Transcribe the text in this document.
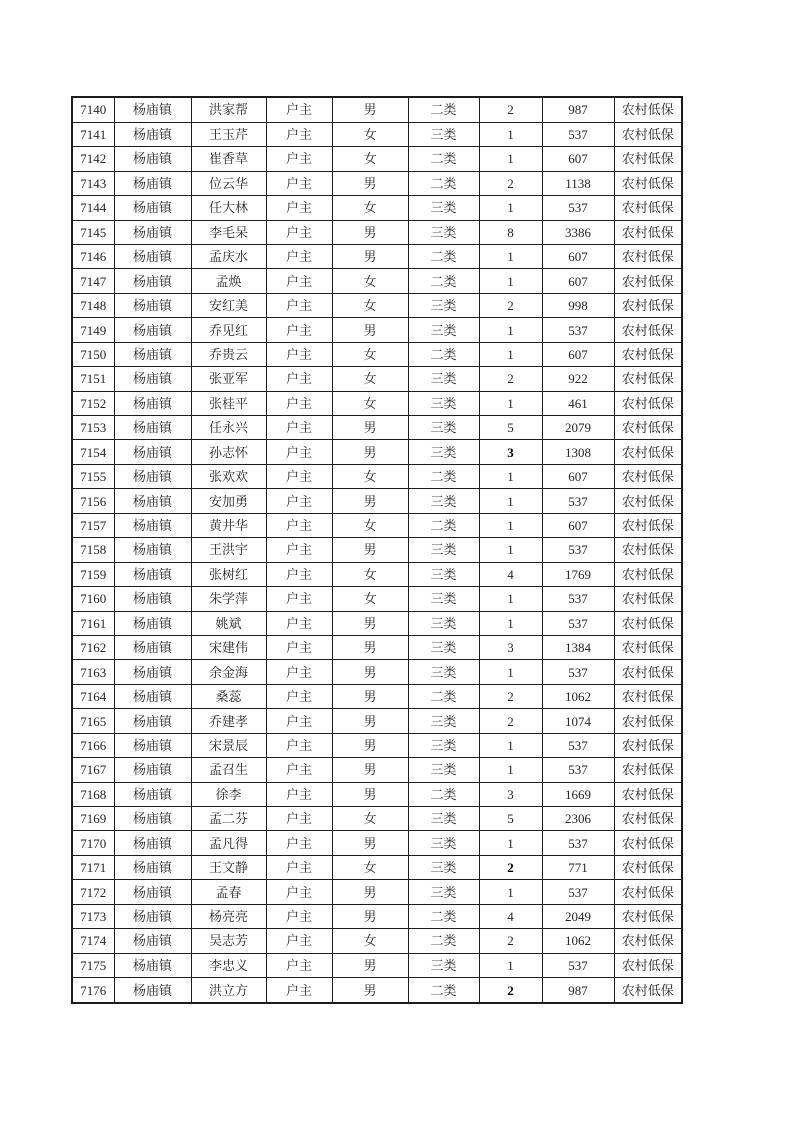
7140	杨庙镇	洪家帮	户主	男	二类	2	987	农村低保
7141	杨庙镇	王玉芹	户主	女	三类	1	537	农村低保
7142	杨庙镇	崔香草	户主	女	二类	1	607	农村低保
7143	杨庙镇	位云华	户主	男	二类	2	1138	农村低保
7144	杨庙镇	任大林	户主	女	三类	1	537	农村低保
7145	杨庙镇	李毛呆	户主	男	三类	8	3386	农村低保
7146	杨庙镇	孟庆水	户主	男	二类	1	607	农村低保
7147	杨庙镇	孟焕	户主	女	二类	1	607	农村低保
7148	杨庙镇	安红美	户主	女	三类	2	998	农村低保
7149	杨庙镇	乔见红	户主	男	三类	1	537	农村低保
7150	杨庙镇	乔贵云	户主	女	二类	1	607	农村低保
7151	杨庙镇	张亚军	户主	女	三类	2	922	农村低保
7152	杨庙镇	张桂平	户主	女	三类	1	461	农村低保
7153	杨庙镇	任永兴	户主	男	三类	5	2079	农村低保
7154	杨庙镇	孙志怀	户主	男	三类	3	1308	农村低保
7155	杨庙镇	张欢欢	户主	女	二类	1	607	农村低保
7156	杨庙镇	安加勇	户主	男	三类	1	537	农村低保
7157	杨庙镇	黄井华	户主	女	二类	1	607	农村低保
7158	杨庙镇	王洪宇	户主	男	三类	1	537	农村低保
7159	杨庙镇	张树红	户主	女	三类	4	1769	农村低保
7160	杨庙镇	朱学萍	户主	女	三类	1	537	农村低保
7161	杨庙镇	姚斌	户主	男	三类	1	537	农村低保
7162	杨庙镇	宋建伟	户主	男	三类	3	1384	农村低保
7163	杨庙镇	余金海	户主	男	三类	1	537	农村低保
7164	杨庙镇	桑蕊	户主	男	二类	2	1062	农村低保
7165	杨庙镇	乔建孝	户主	男	三类	2	1074	农村低保
7166	杨庙镇	宋景辰	户主	男	三类	1	537	农村低保
7167	杨庙镇	孟召生	户主	男	三类	1	537	农村低保
7168	杨庙镇	徐李	户主	男	二类	3	1669	农村低保
7169	杨庙镇	孟二芬	户主	女	三类	5	2306	农村低保
7170	杨庙镇	孟凡得	户主	男	三类	1	537	农村低保
7171	杨庙镇	王文静	户主	女	三类	2	771	农村低保
7172	杨庙镇	孟春	户主	男	三类	1	537	农村低保
7173	杨庙镇	杨亮亮	户主	男	二类	4	2049	农村低保
7174	杨庙镇	吴志芳	户主	女	二类	2	1062	农村低保
7175	杨庙镇	李忠义	户主	男	三类	1	537	农村低保
7176	杨庙镇	洪立方	户主	男	二类	2	987	农村低保
